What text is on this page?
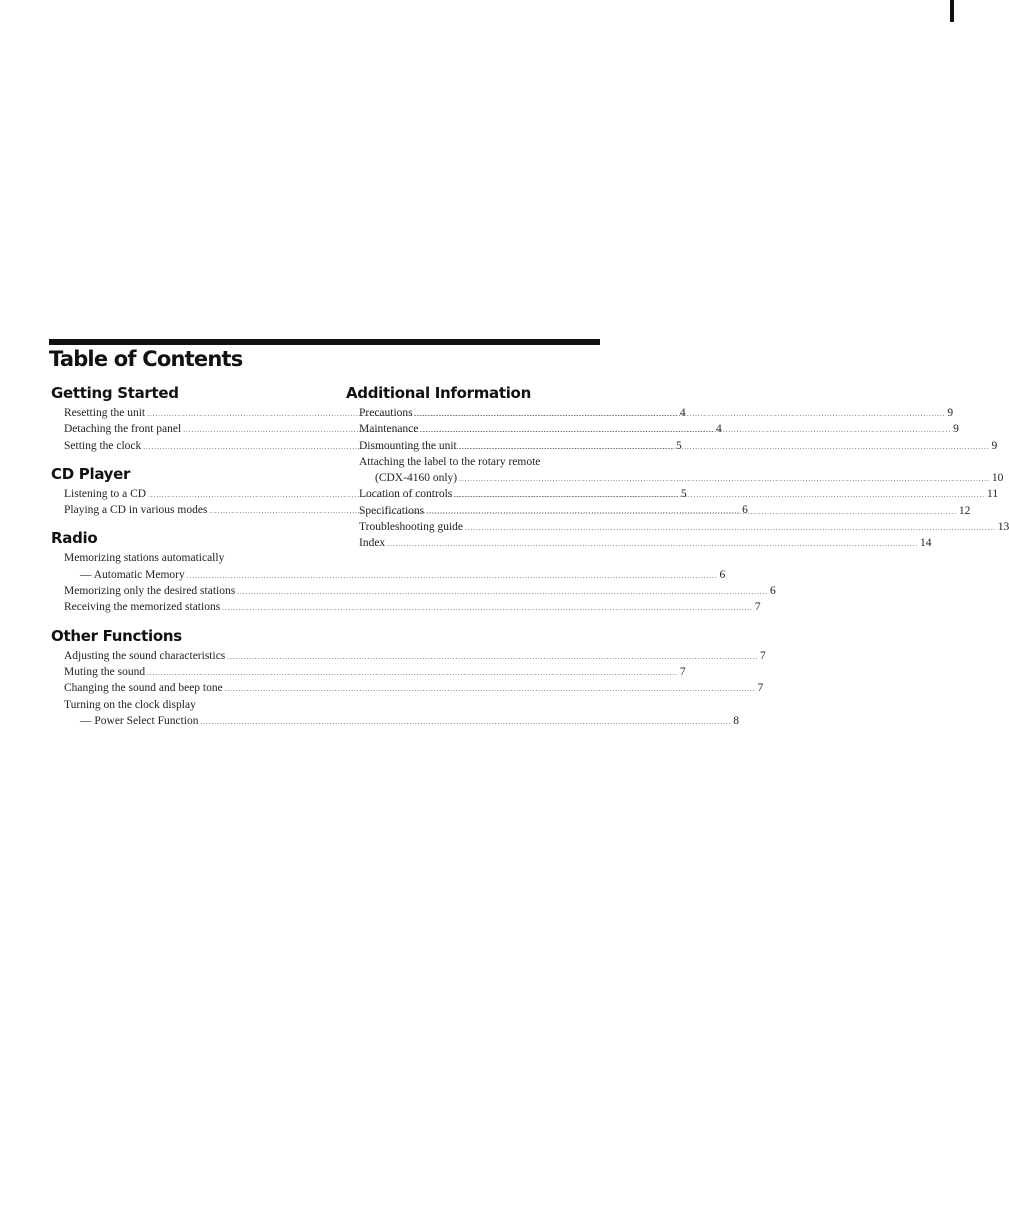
Table of Contents
Getting Started
Resetting the unit .....	4
Detaching the front panel .....	4
Setting the clock .....	5
CD Player
Listening to a CD .....	5
Playing a CD in various modes .....	6
Radio
Memorizing stations automatically
— Automatic Memory .....	6
Memorizing only the desired stations .....	6
Receiving the memorized stations .....	7
Other Functions
Adjusting the sound characteristics .....	7
Muting the sound .....	7
Changing the sound and beep tone .....	7
Turning on the clock display
— Power Select Function .....	8
Additional Information
Precautions .....	9
Maintenance .....	9
Dismounting the unit .....	9
Attaching the label to the rotary remote
(CDX-4160 only) .....	10
Location of controls .....	11
Specifications .....	12
Troubleshooting guide .....	13
Index .....	14
